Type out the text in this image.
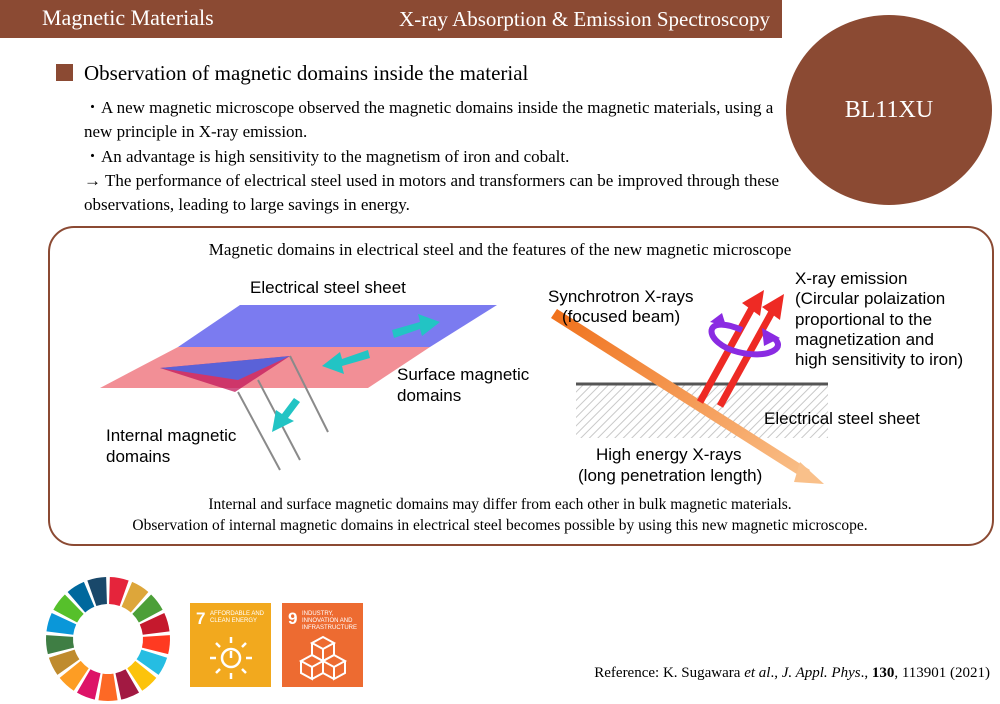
Magnetic Materials	X-ray Absorption & Emission Spectroscopy
BL11XU
Observation of magnetic domains inside the material
・A new magnetic microscope observed the magnetic domains inside the magnetic materials, using a new principle in X-ray emission.
・An advantage is high sensitivity to the magnetism of iron and cobalt.
→ The performance of electrical steel used in motors and transformers can be improved through these observations, leading to large savings in energy.
Magnetic domains in electrical steel and the features of the new magnetic microscope
Electrical steel sheet
Surface magnetic
domains
Internal magnetic
domains
Synchrotron X-rays
(focused beam)
X-ray emission
(Circular polaization
proportional to the
magnetization and
high sensitivity to iron)
Electrical steel sheet
High energy X-rays
(long penetration length)
Internal and surface magnetic domains may differ from each other in bulk magnetic materials.
Observation of internal magnetic domains in electrical steel becomes possible by using this new magnetic microscope.
7 AFFORDABLE AND CLEAN ENERGY	9 INDUSTRY, INNOVATION AND INFRASTRUCTURE
Reference: K. Sugawara et al., J. Appl. Phys., 130, 113901 (2021)
